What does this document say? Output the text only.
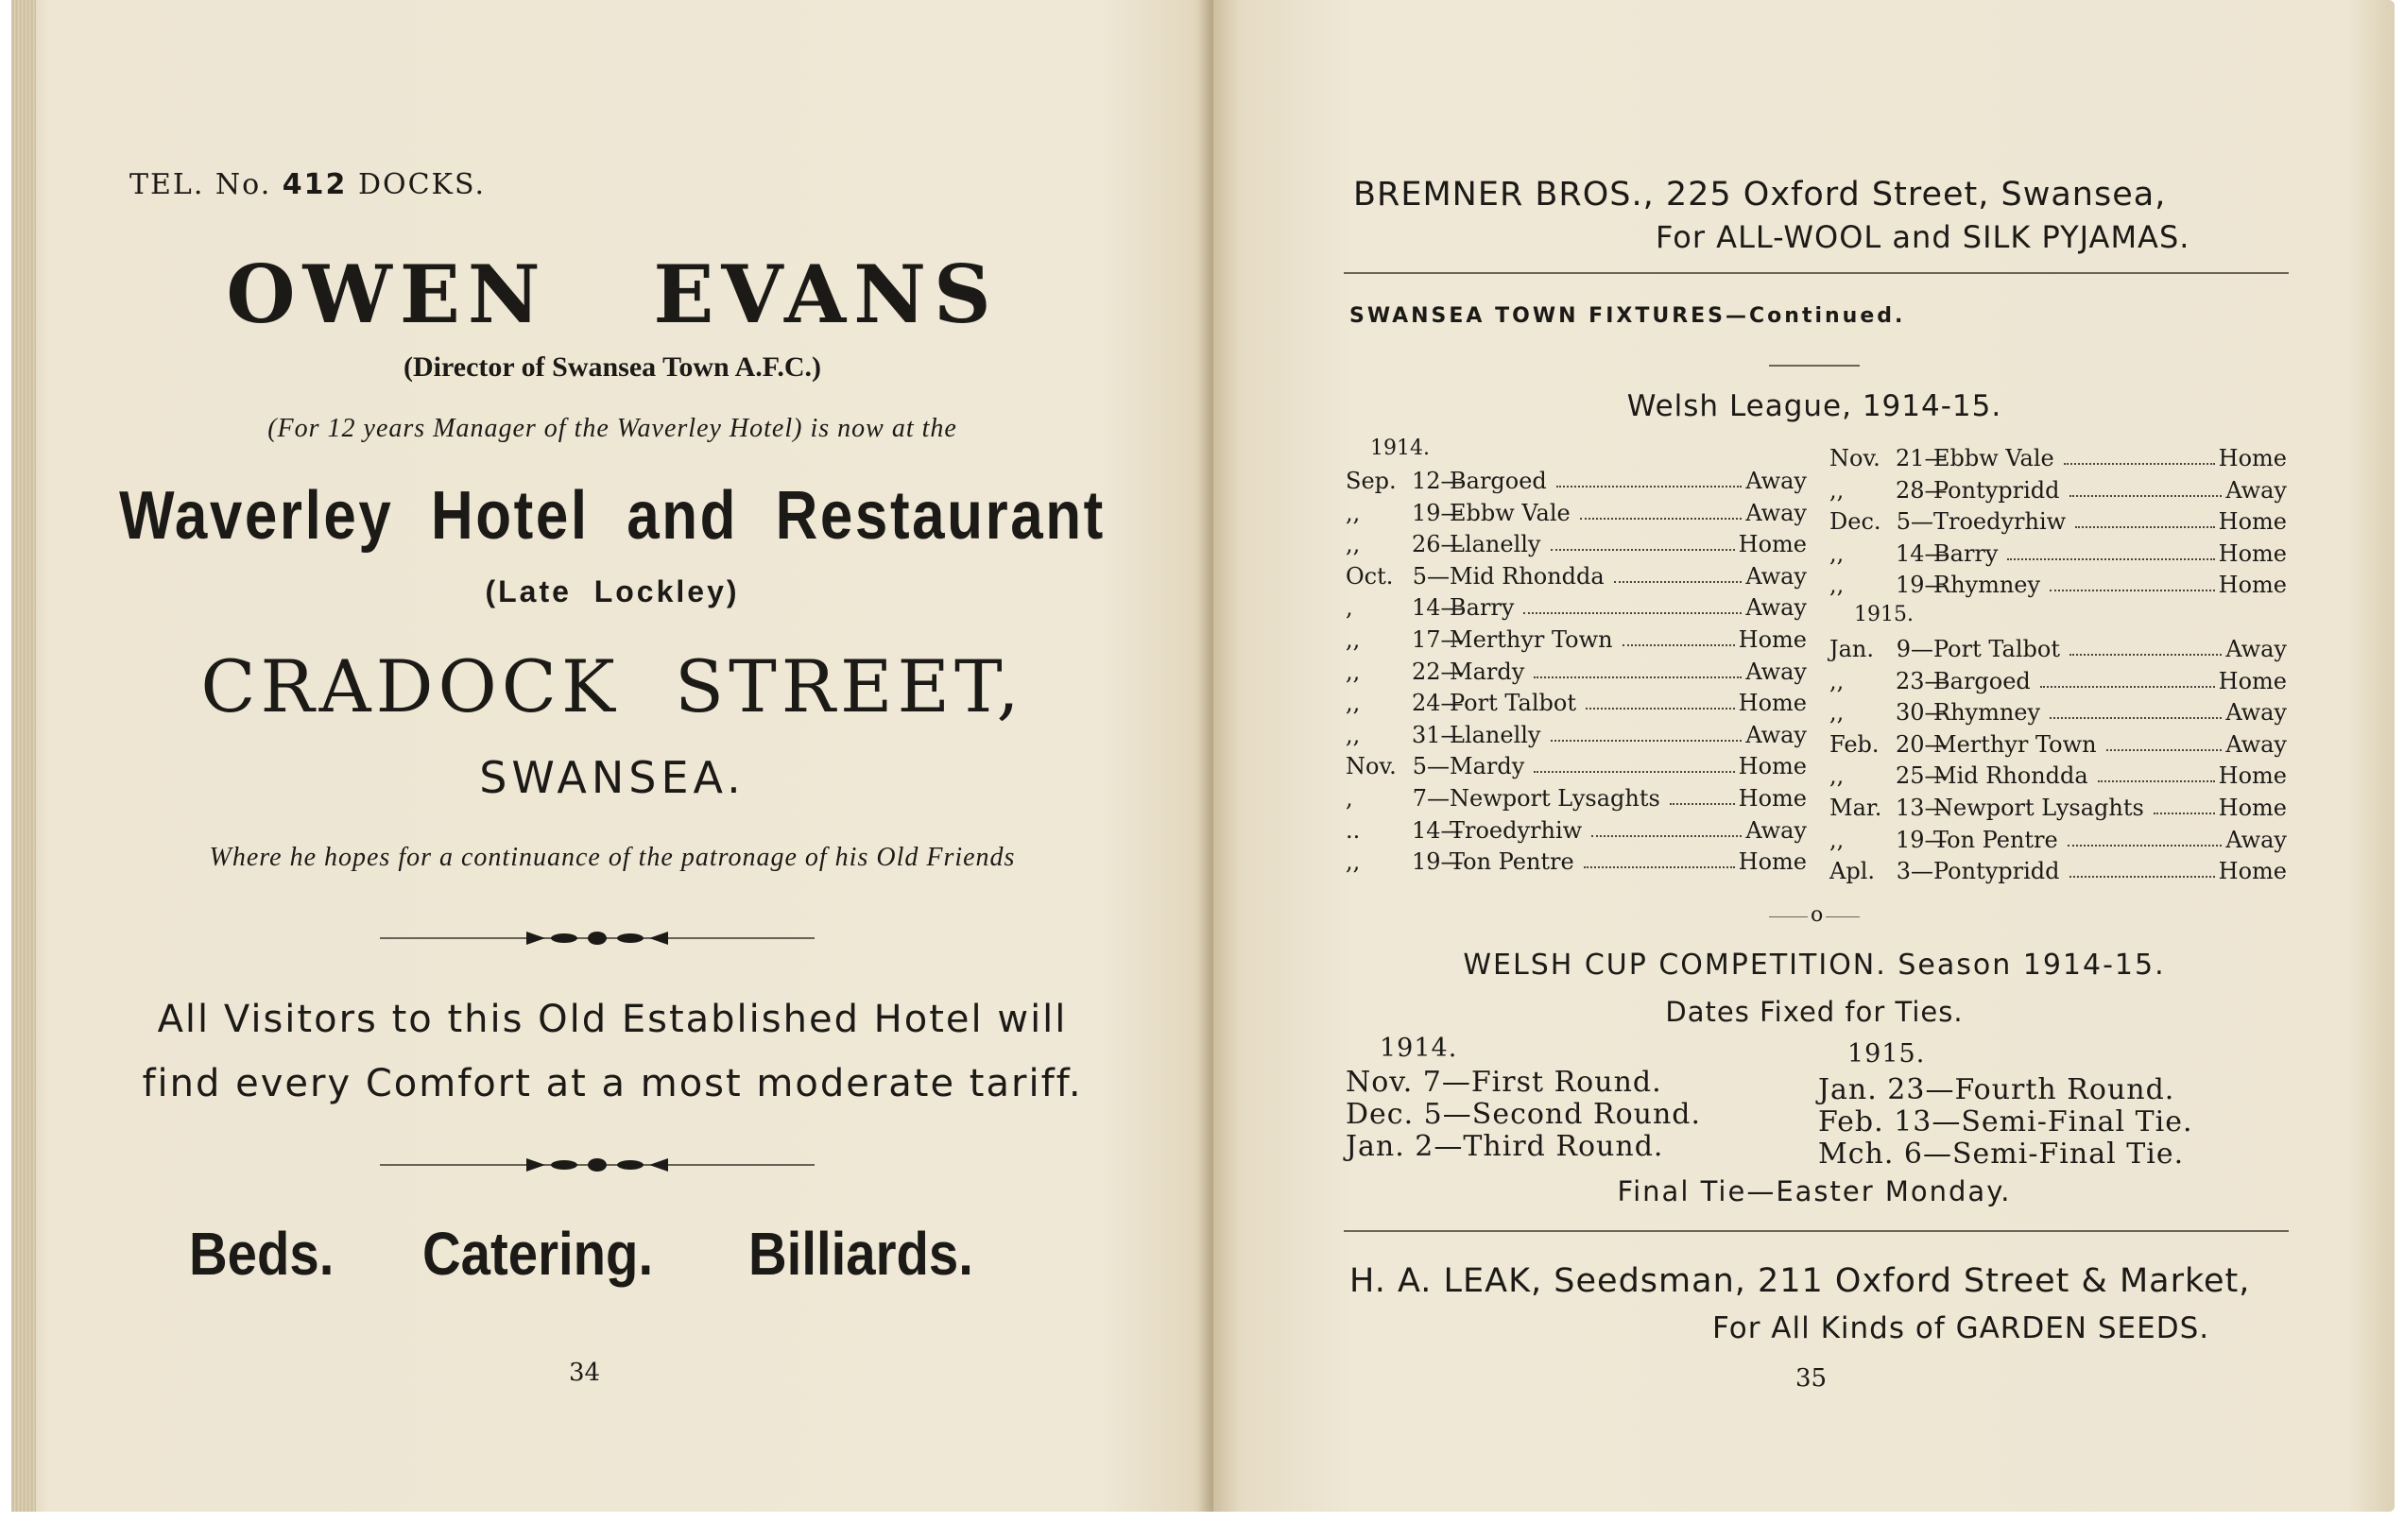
TEL. No. 412 DOCKS.
OWEN   EVANS
(Director of Swansea Town A.F.C.)
(For 12 years Manager of the Waverley Hotel) is now at the
Waverley  Hotel  and  Restaurant
(Late  Lockley)
CRADOCK  STREET,
SWANSEA.
Where he hopes for a continuance of the patronage of his Old Friends
All Visitors to this Old Established Hotel will
find every Comfort at a most moderate tariff.
Beds. Catering. Billiards.
34
BREMNER BROS., 225 Oxford Street, Swansea,
For ALL-WOOL and SILK PYJAMAS.
SWANSEA TOWN FIXTURES—Continued.
Welsh League, 1914-15.
1914.
Sep. 12—Bargoed	Away
,, 19—Ebbw Vale	Away
,, 26—Llanelly	Home
Oct. 5—Mid Rhondda	Away
,	14—Barry	Away
,, 17—Merthyr Town	Home
,, 22—Mardy	Away
,, 24—Port Talbot	Home
,, 31—Llanelly	Away
Nov. 5—Mardy	Home
,	7—Newport Lysaghts	Home
.. 14—Troedyrhiw	Away
,, 19—Ton Pentre	Home
Nov. 21—Ebbw Vale	Home
,, 28—Pontypridd	Away
Dec. 5—Troedyrhiw	Home
,, 14—Barry	Home
,, 19—Rhymney	Home
Jan. 9—Port Talbot	Away
,, 23—Bargoed	Home
,, 30—Rhymney	Away
Feb. 20—Merthyr Town	Away
,, 25—Mid Rhondda	Home
Mar. 13—Newport Lysaghts	Home
,, 19—Ton Pentre	Away
Apl. 3—Pontypridd	Home
1915.
o
WELSH CUP COMPETITION. Season 1914-15.
Dates Fixed for Ties.
1914.
Nov. 7—First Round.
Dec. 5—Second Round.
Jan. 2—Third Round.
1915.
Jan. 23—Fourth Round.
Feb. 13—Semi-Final Tie.
Mch. 6—Semi-Final Tie.
Final Tie—Easter Monday.
H. A. LEAK, Seedsman, 211 Oxford Street & Market,
For All Kinds of GARDEN SEEDS.
35
